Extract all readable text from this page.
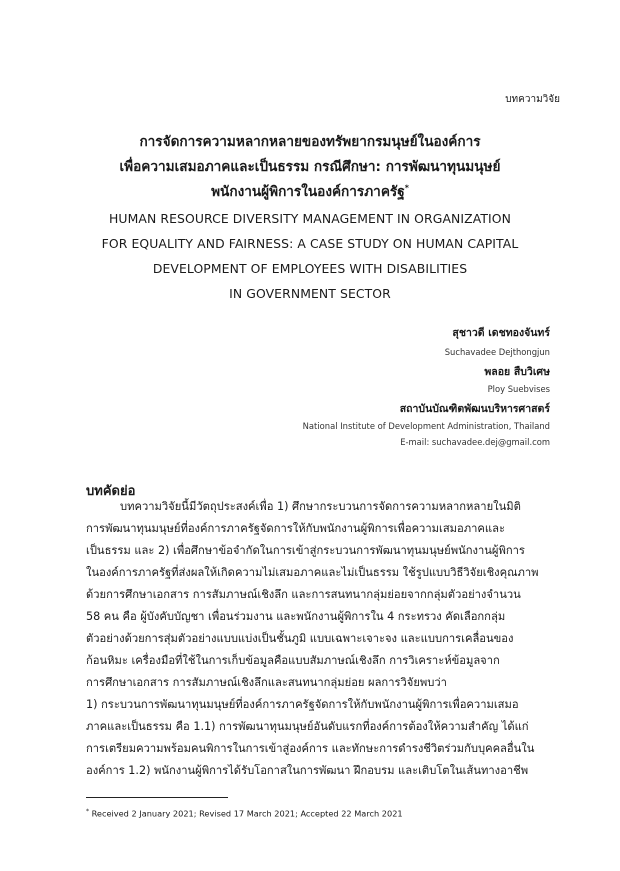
บทความวิจัย
การจัดการความหลากหลายของทรัพยากรมนุษย์ในองค์การ
เพื่อความเสมอภาคและเป็นธรรม กรณีศึกษา: การพัฒนาทุนมนุษย์
พนักงานผู้พิการในองค์การภาครัฐ*
HUMAN RESOURCE DIVERSITY MANAGEMENT IN ORGANIZATION
FOR EQUALITY AND FAIRNESS: A CASE STUDY ON HUMAN CAPITAL
DEVELOPMENT OF EMPLOYEES WITH DISABILITIES
IN GOVERNMENT SECTOR
สุชาวดี เดชทองจันทร์
Suchavadee Dejthongjun
พลอย สืบวิเศษ
Ploy Suebvises
สถาบันบัณฑิตพัฒนบริหารศาสตร์
National Institute of Development Administration, Thailand
E-mail: suchavadee.dej@gmail.com
บทคัดย่อ
บทความวิจัยนี้มีวัตถุประสงค์เพื่อ 1) ศึกษากระบวนการจัดการความหลากหลายในมิติ
การพัฒนาทุนมนุษย์ที่องค์การภาครัฐจัดการให้กับพนักงานผู้พิการเพื่อความเสมอภาคและ
เป็นธรรม และ 2) เพื่อศึกษาข้อจำกัดในการเข้าสู่กระบวนการพัฒนาทุนมนุษย์พนักงานผู้พิการ
ในองค์การภาครัฐที่ส่งผลให้เกิดความไม่เสมอภาคและไม่เป็นธรรม ใช้รูปแบบวิธีวิจัยเชิงคุณภาพ
ด้วยการศึกษาเอกสาร การสัมภาษณ์เชิงลึก และการสนทนากลุ่มย่อยจากกลุ่มตัวอย่างจำนวน
58 คน คือ ผู้บังคับบัญชา เพื่อนร่วมงาน และพนักงานผู้พิการใน 4 กระทรวง คัดเลือกกลุ่ม
ตัวอย่างด้วยการสุ่มตัวอย่างแบบแบ่งเป็นชั้นภูมิ แบบเฉพาะเจาะจง และแบบการเคลื่อนของ
ก้อนหิมะ เครื่องมือที่ใช้ในการเก็บข้อมูลคือแบบสัมภาษณ์เชิงลึก การวิเคราะห์ข้อมูลจาก
การศึกษาเอกสาร การสัมภาษณ์เชิงลึกและสนทนากลุ่มย่อย ผลการวิจัยพบว่า
1) กระบวนการพัฒนาทุนมนุษย์ที่องค์การภาครัฐจัดการให้กับพนักงานผู้พิการเพื่อความเสมอ
ภาคและเป็นธรรม คือ 1.1) การพัฒนาทุนมนุษย์อันดับแรกที่องค์การต้องให้ความสำคัญ ได้แก่
การเตรียมความพร้อมคนพิการในการเข้าสู่องค์การ และทักษะการดำรงชีวิตร่วมกับบุคคลอื่นใน
องค์การ 1.2) พนักงานผู้พิการได้รับโอกาสในการพัฒนา ฝึกอบรม และเติบโตในเส้นทางอาชีพ
* Received 2 January 2021; Revised 17 March 2021; Accepted 22 March 2021
